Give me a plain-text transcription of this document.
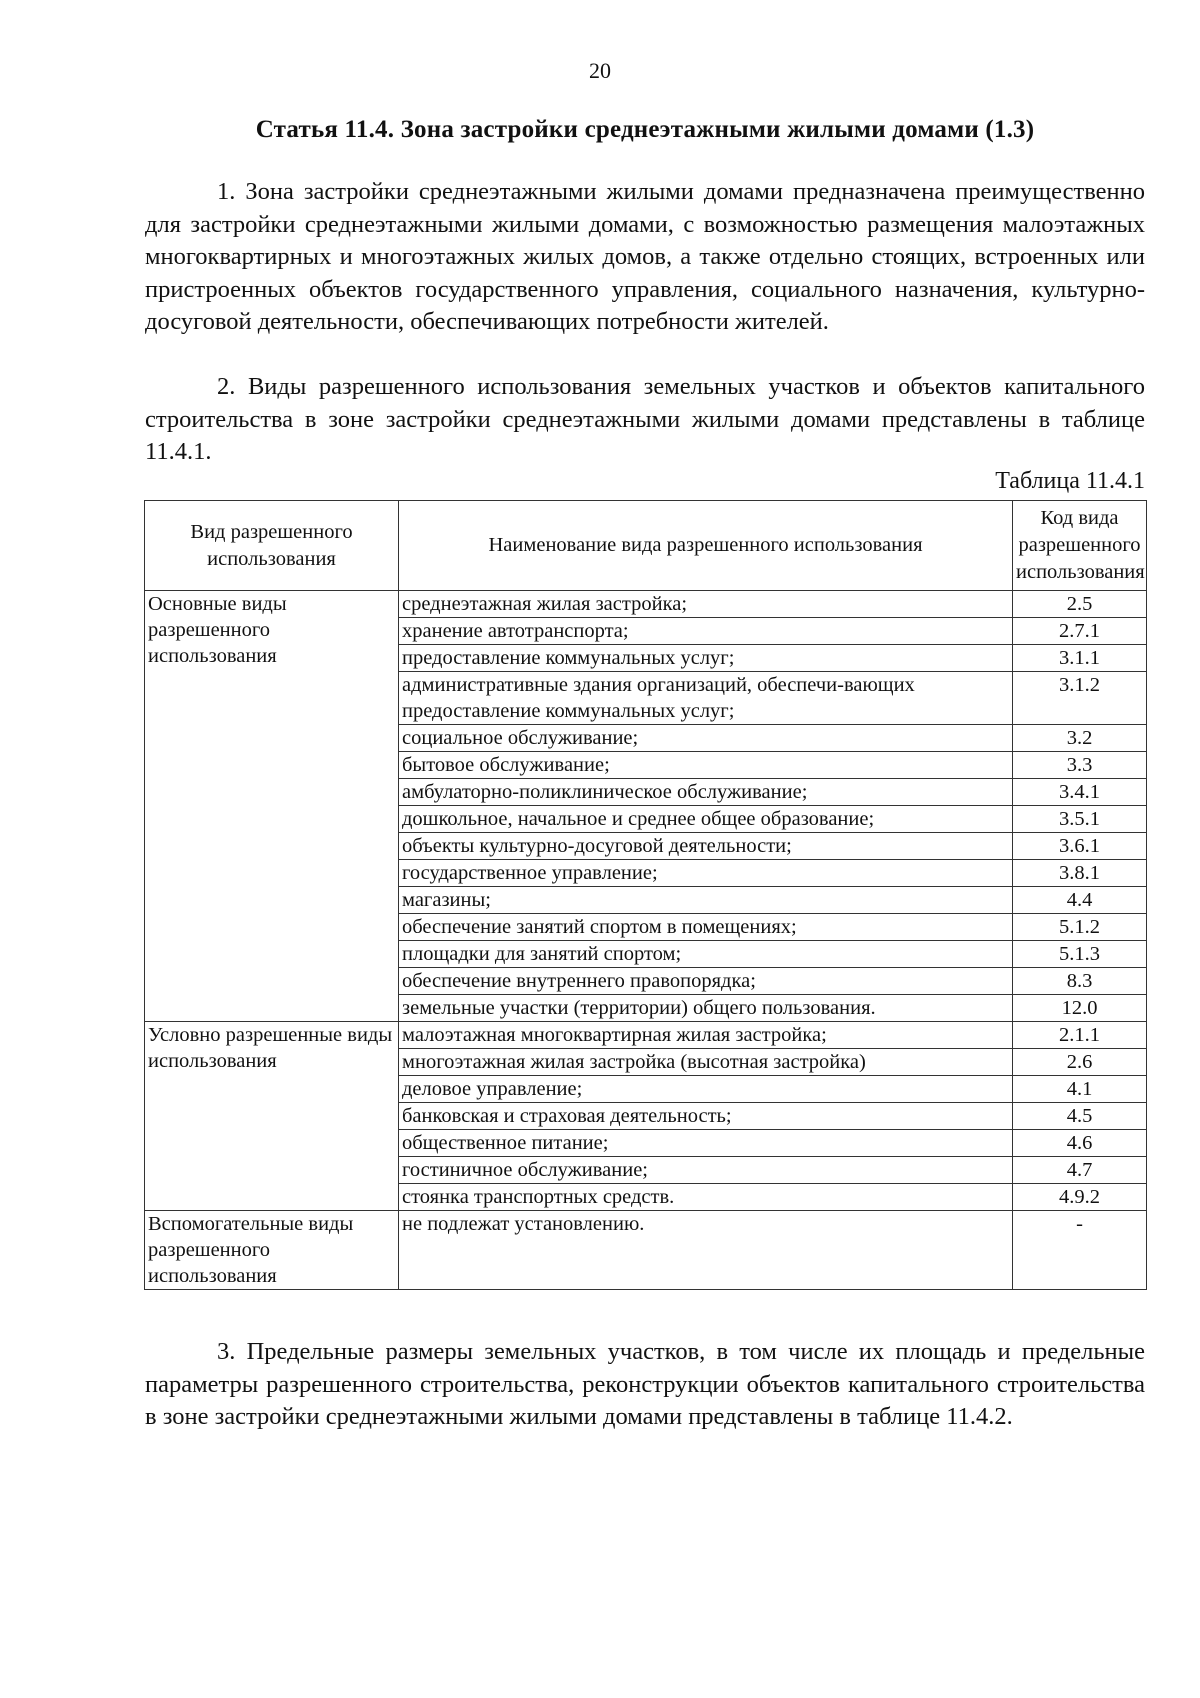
20
Статья 11.4. Зона застройки среднеэтажными жилыми домами (1.3)

1. Зона застройки среднеэтажными жилыми домами предназначена преимущественно для застройки среднеэтажными жилыми домами, с возможностью размещения малоэтажных многоквартирных и многоэтажных жилых домов, а также отдельно стоящих, встроенных или пристроенных объектов государственного управления, социального назначения, культурно-досуговой деятельности, обеспечивающих потребности жителей.

2. Виды разрешенного использования земельных участков и объектов капитального строительства в зоне застройки среднеэтажными жилыми домами представлены в таблице 11.4.1.

Таблица 11.4.1
Вид разрешенного использования	Наименование вида разрешенного использования	Код вида разрешенного использования
Основные виды разрешенного использования	среднеэтажная жилая застройка;	2.5
	хранение автотранспорта;	2.7.1
	предоставление коммунальных услуг;	3.1.1
	административные здания организаций, обеспечи-вающих предоставление коммунальных услуг;	3.1.2
	социальное обслуживание;	3.2
	бытовое обслуживание;	3.3
	амбулаторно-поликлиническое обслуживание;	3.4.1
	дошкольное, начальное и среднее общее образование;	3.5.1
	объекты культурно-досуговой деятельности;	3.6.1
	государственное управление;	3.8.1
	магазины;	4.4
	обеспечение занятий спортом в помещениях;	5.1.2
	площадки для занятий спортом;	5.1.3
	обеспечение внутреннего правопорядка;	8.3
	земельные участки (территории) общего пользования.	12.0
Условно разрешенные виды использования	малоэтажная многоквартирная жилая застройка;	2.1.1
	многоэтажная жилая застройка (высотная застройка)	2.6
	деловое управление;	4.1
	банковская и страховая деятельность;	4.5
	общественное питание;	4.6
	гостиничное обслуживание;	4.7
	стоянка транспортных средств.	4.9.2
Вспомогательные виды разрешенного использования	не подлежат установлению.	-

3. Предельные размеры земельных участков, в том числе их площадь и предельные параметры разрешенного строительства, реконструкции объектов капитального строительства в зоне застройки среднеэтажными жилыми домами представлены в таблице 11.4.2.
